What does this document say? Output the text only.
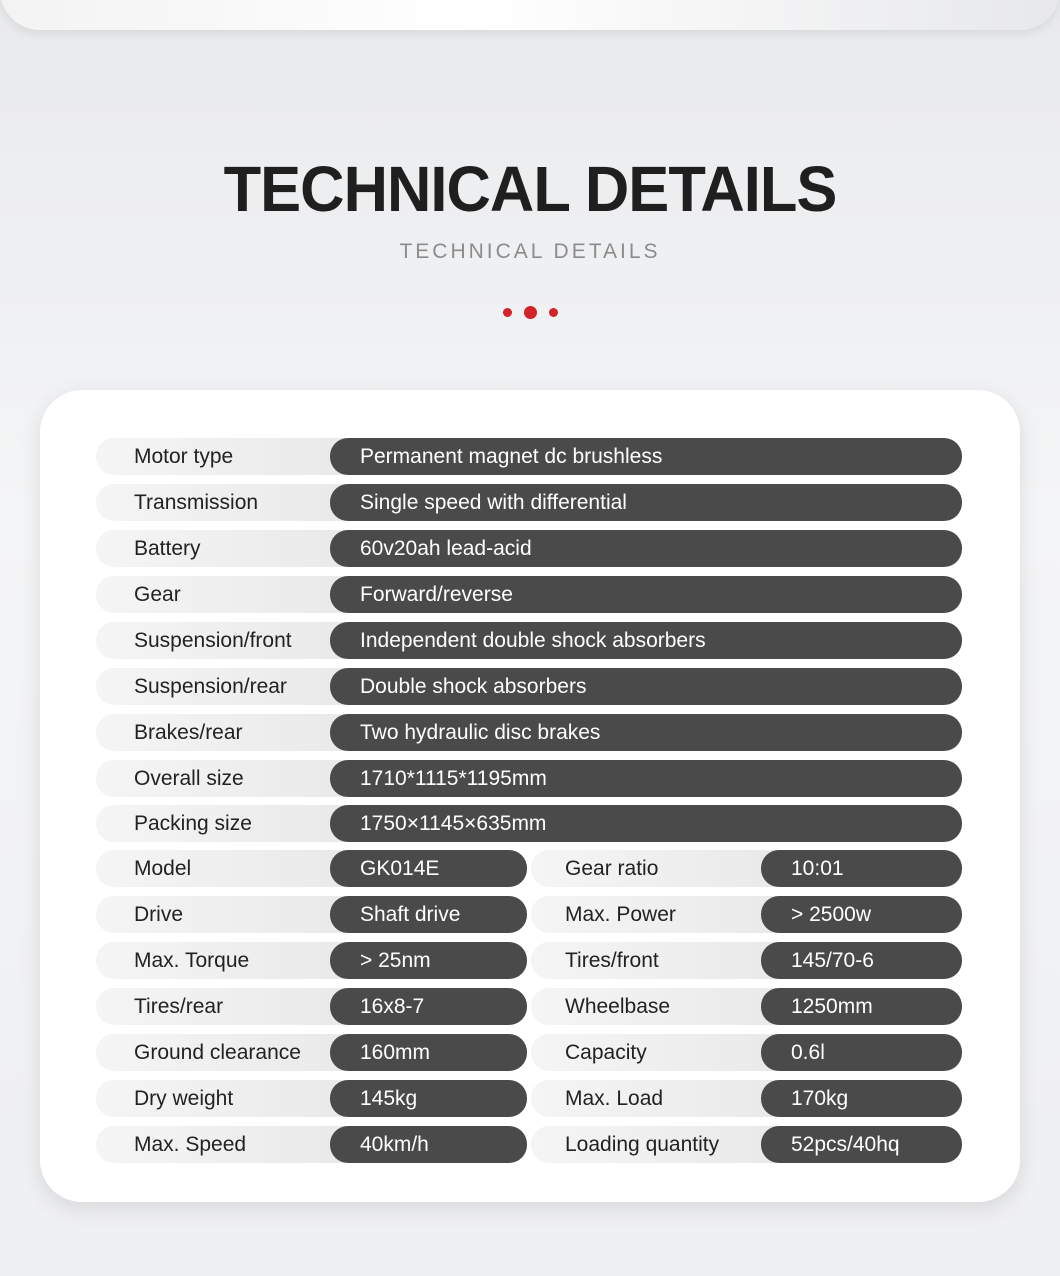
TECHNICAL DETAILS
TECHNICAL DETAILS
Motor type	Permanent magnet dc brushless
Transmission	Single speed with differential
Battery	60v20ah lead-acid
Gear	Forward/reverse
Suspension/front	Independent double shock absorbers
Suspension/rear	Double shock absorbers
Brakes/rear	Two hydraulic disc brakes
Overall size	1710*1115*1195mm
Packing size	1750×1145×635mm
Model	GK014E	Gear ratio	10:01
Drive	Shaft drive	Max. Power	> 2500w
Max. Torque	> 25nm	Tires/front	145/70-6
Tires/rear	16x8-7	Wheelbase	1250mm
Ground clearance	160mm	Capacity	0.6l
Dry weight	145kg	Max. Load	170kg
Max. Speed	40km/h	Loading quantity	52pcs/40hq
